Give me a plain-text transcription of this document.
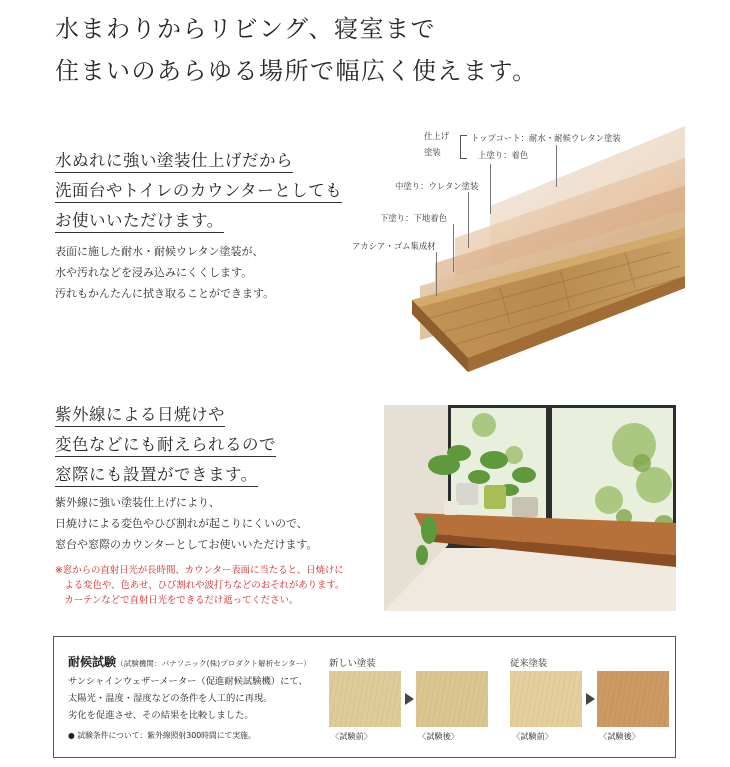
水まわりからリビング、寝室まで
住まいのあらゆる場所で幅広く使えます。
水ぬれに強い塗装仕上げだから
洗面台やトイレのカウンターとしても
お使いいただけます。
表面に施した耐水・耐候ウレタン塗装が、
水や汚れなどを浸み込みにくくします。
汚れもかんたんに拭き取ることができます。
仕上げ
塗装
トップコート：耐水・耐候ウレタン塗装
上塗り：着色
中塗り：ウレタン塗装
下塗り：下地着色
アカシア・ゴム集成材
紫外線による日焼けや
変色などにも耐えられるので
窓際にも設置ができます。
紫外線に強い塗装仕上げにより、
日焼けによる変色やひび割れが起こりにくいので、
窓台や窓際のカウンターとしてお使いいただけます。
※窓からの直射日光が長時間、カウンター表面に当たると、日焼けに
　よる変色や、色あせ、ひび割れや波打ちなどのおそれがあります。
　カーテンなどで直射日光をできるだけ遮ってください。
耐候試験（試験機関：パナソニック(株)プロダクト解析センター）
サンシャインウェザーメーター（促進耐候試験機）にて、
太陽光・温度・湿度などの条件を人工的に再現。
劣化を促進させ、その結果を比較しました。
● 試験条件について：紫外線照射300時間にて実施。
新しい塗装
〈試験前〉	〈試験後〉
従来塗装
〈試験前〉	〈試験後〉
